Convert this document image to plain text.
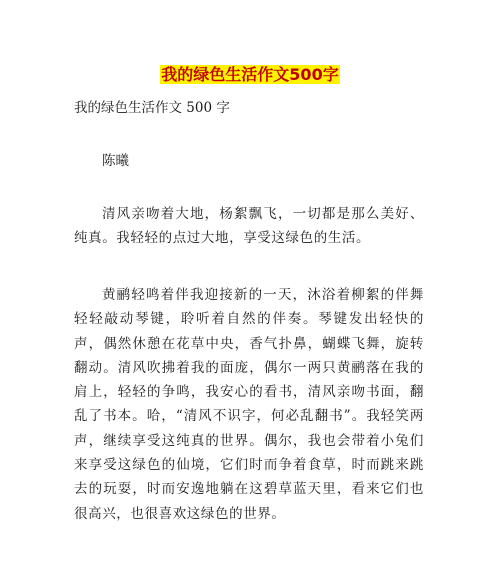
我的绿色生活作文500字
我的绿色生活作文 500 字
陈曦

清风亲吻着大地，杨絮飘飞，一切都是那么美好、纯真。我轻轻的点过大地，享受这绿色的生活。

黄鹂轻鸣着伴我迎接新的一天，沐浴着柳絮的伴舞轻轻敲动琴键，聆听着自然的伴奏。琴键发出轻快的声，偶然休憩在花草中央，香气扑鼻，蝴蝶飞舞，旋转翻动。清风吹拂着我的面庞，偶尔一两只黄鹂落在我的肩上，轻轻的争鸣，我安心的看书，清风亲吻书面，翻乱了书本。哈，“清风不识字，何必乱翻书”。我轻笑两声，继续享受这纯真的世界。偶尔，我也会带着小兔们来享受这绿色的仙境，它们时而争着食草，时而跳来跳去的玩耍，时而安逸地躺在这碧草蓝天里，看来它们也很高兴，也很喜欢这绿色的世界。
